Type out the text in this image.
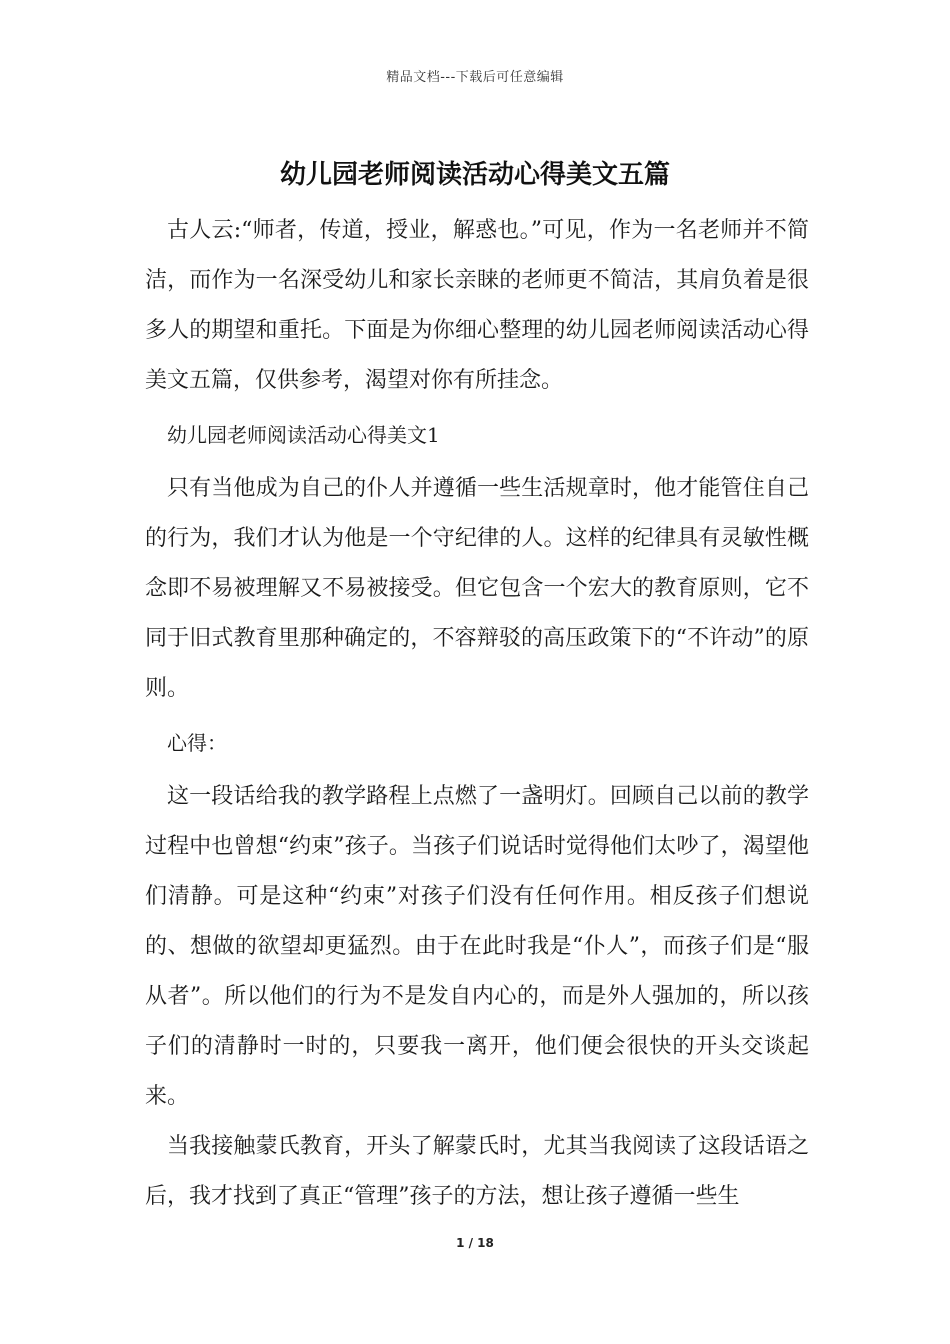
精品文档---下载后可任意编辑
幼儿园老师阅读活动心得美文五篇

古人云:“师者，传道，授业，解惑也。”可见，作为一名老师并不简洁，而作为一名深受幼儿和家长亲睐的老师更不简洁，其肩负着是很多人的期望和重托。下面是为你细心整理的幼儿园老师阅读活动心得美文五篇，仅供参考，渴望对你有所挂念。

幼儿园老师阅读活动心得美文1

只有当他成为自己的仆人并遵循一些生活规章时，他才能管住自己的行为，我们才认为他是一个守纪律的人。这样的纪律具有灵敏性概念即不易被理解又不易被接受。但它包含一个宏大的教育原则，它不同于旧式教育里那种确定的，不容辩驳的高压政策下的“不许动”的原则。

心得：

这一段话给我的教学路程上点燃了一盏明灯。回顾自己以前的教学过程中也曾想“约束”孩子。当孩子们说话时觉得他们太吵了，渴望他们清静。可是这种“约束”对孩子们没有任何作用。相反孩子们想说的、想做的欲望却更猛烈。由于在此时我是“仆人”，而孩子们是“服从者”。所以他们的行为不是发自内心的，而是外人强加的，所以孩子们的清静时一时的，只要我一离开，他们便会很快的开头交谈起来。

当我接触蒙氏教育，开头了解蒙氏时，尤其当我阅读了这段话语之后，我才找到了真正“管理”孩子的方法，想让孩子遵循一些生

1 / 18
